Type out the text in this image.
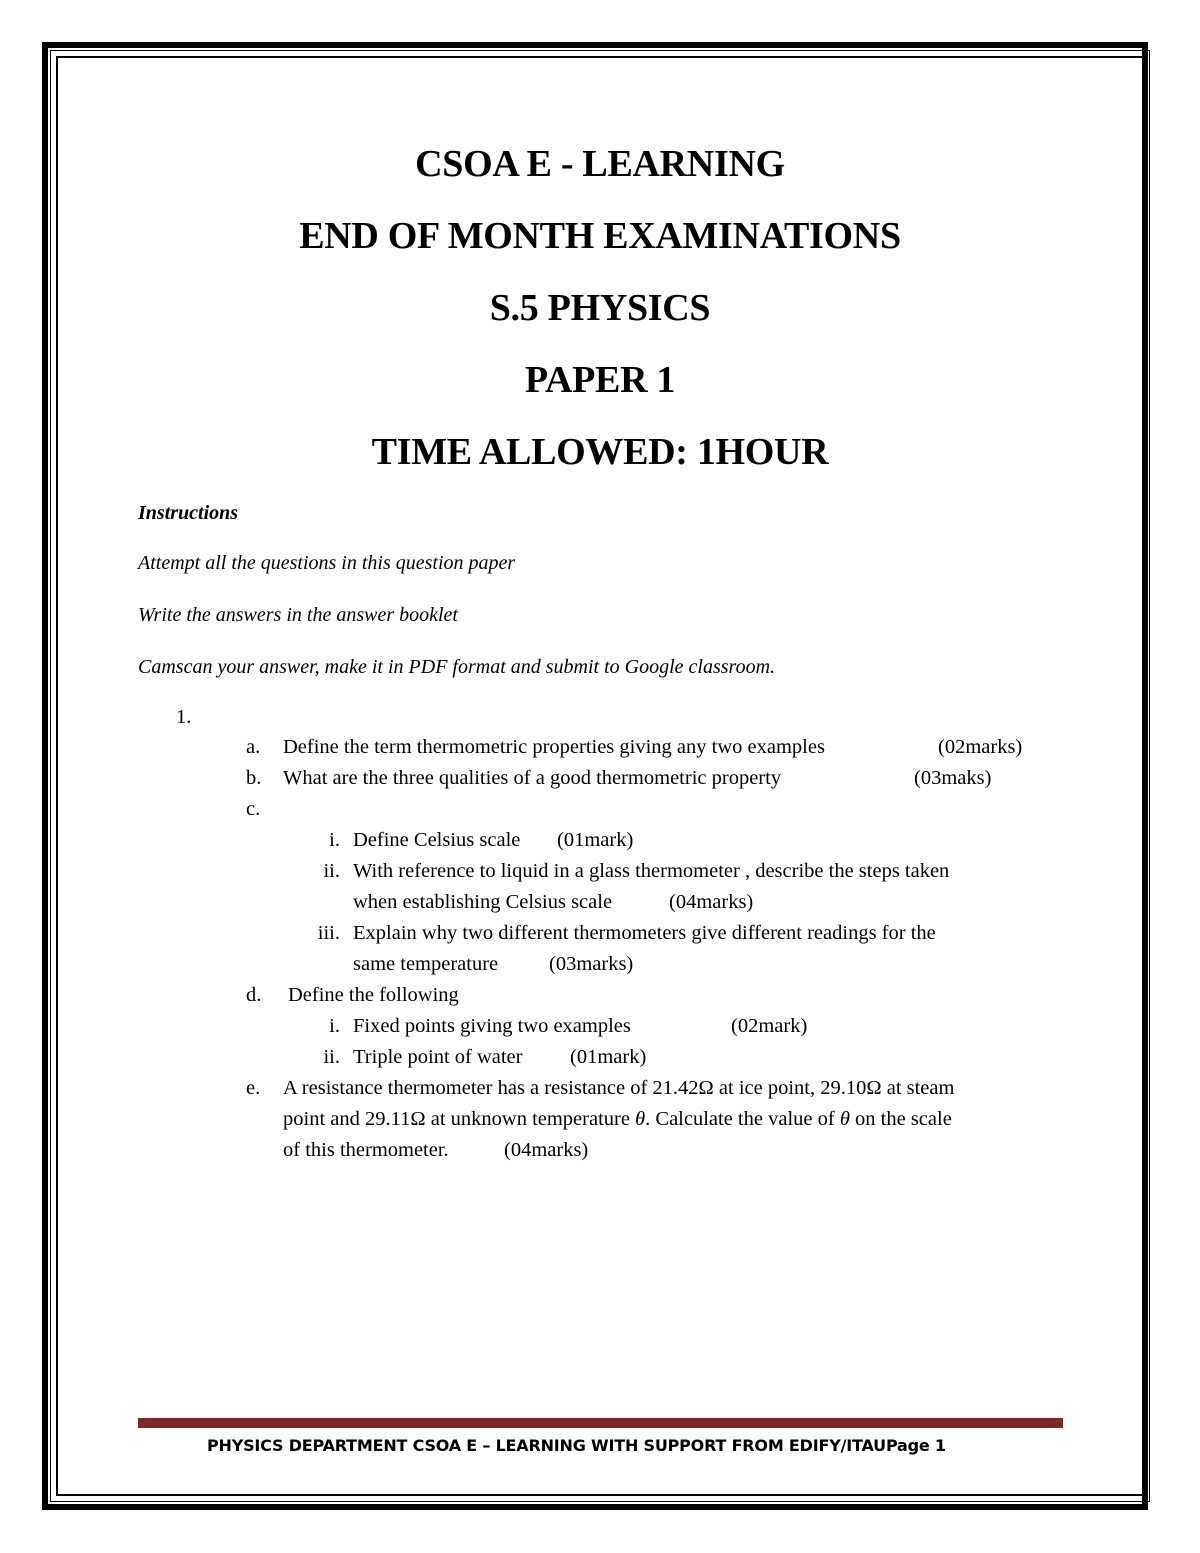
CSOA E - LEARNING
END OF MONTH EXAMINATIONS
S.5 PHYSICS
PAPER 1
TIME ALLOWED: 1HOUR
Instructions
Attempt all the questions in this question paper
Write the answers in the answer booklet
Camscan your answer, make it in PDF format and submit to Google classroom.
1.
a. Define the term thermometric properties giving any two examples	(02marks)
b. What are the three qualities of a good thermometric property	(03maks)
c.
i. Define Celsius scale (01mark)
ii. With reference to liquid in a glass thermometer , describe the steps taken
when establishing Celsius scale	(04marks)
iii. Explain why two different thermometers give different readings for the
same temperature (03marks)
d. Define the following
i. Fixed points giving two examples	(02mark)
ii. Triple point of water (01mark)
e. A resistance thermometer has a resistance of 21.42Ω at ice point, 29.10Ω at steam
point and 29.11Ω at unknown temperature θ. Calculate the value of θ on the scale
of this thermometer.	(04marks)
PHYSICS DEPARTMENT CSOA E – LEARNING WITH SUPPORT FROM EDIFY/ITAUPage 1
